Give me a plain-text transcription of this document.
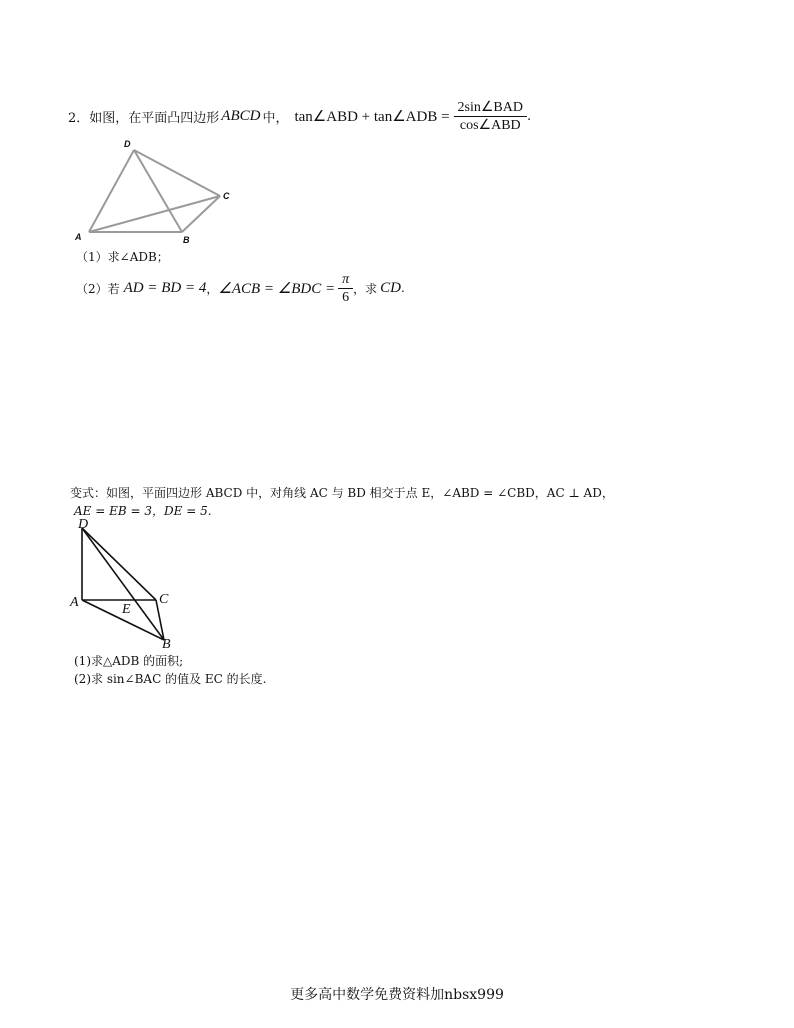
2． 如图，在平面凸四边形 ABCD 中， tan∠ABD + tan∠ADB = $\frac{\text{2sin∠BAD}}{\text{cos∠ABD}}$ .
D
C
A	B
（1）求∠ADB；
（2）若 AD = BD = 4 ， ∠ACB = ∠BDC = $\frac{\pi}{6}$ ，求 CD .
变式：如图，平面四边形 ABCD 中，对角线 AC 与 BD 相交于点 E，∠ABD = ∠CBD，AC ⊥ AD，
AE = EB = 3，DE = 5.
D
A	E
C
B
(1)求△ADB 的面积;
(2)求 sin∠BAC 的值及 EC 的长度.
更多高中数学免费资料加nbsx999
